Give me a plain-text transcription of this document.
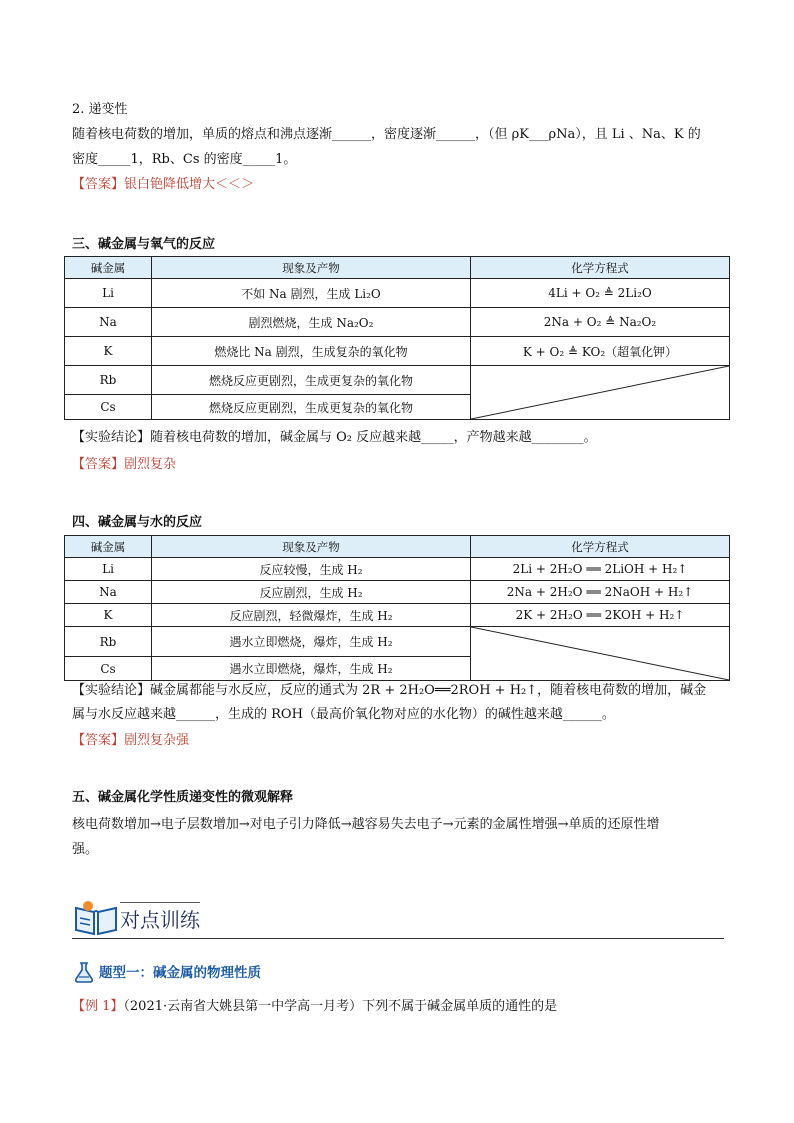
2. 递变性
随着核电荷数的增加，单质的熔点和沸点逐渐______，密度逐渐______，（但 ρK___ρNa），且 Li 、Na、K 的
密度_____1，Rb、Cs 的密度_____1。
【答案】银白铯降低增大＜＜＞
三、碱金属与氧气的反应
碱金属	现象及产物	化学方程式
Li	不如 Na 剧烈，生成 Li₂O	4Li + O₂ ≜ 2Li₂O
Na	剧烈燃烧，生成 Na₂O₂	2Na + O₂ ≜ Na₂O₂
K	燃烧比 Na 剧烈，生成复杂的氧化物	K + O₂ ≜ KO₂（超氧化钾）
Rb	燃烧反应更剧烈，生成更复杂的氧化物	

Cs	燃烧反应更剧烈，生成更复杂的氧化物	
【实验结论】随着核电荷数的增加，碱金属与 O₂ 反应越来越_____，产物越来越________。
【答案】剧烈复杂
四、碱金属与水的反应
碱金属	现象及产物	化学方程式
Li	反应较慢，生成 H₂	2Li + 2H₂O ══ 2LiOH + H₂↑
Na	反应剧烈，生成 H₂	2Na + 2H₂O ══ 2NaOH + H₂↑
K	反应剧烈，轻微爆炸，生成 H₂	2K + 2H₂O ══ 2KOH + H₂↑
Rb	遇水立即燃烧，爆炸，生成 H₂	

Cs	遇水立即燃烧，爆炸，生成 H₂	
【实验结论】碱金属都能与水反应，反应的通式为 2R + 2H₂O══2ROH + H₂↑，随着核电荷数的增加，碱金
属与水反应越来越______，生成的 ROH（最高价氧化物对应的水化物）的碱性越来越______。
【答案】剧烈复杂强
五、碱金属化学性质递变性的微观解释
核电荷数增加→电子层数增加→对电子引力降低→越容易失去电子→元素的金属性增强→单质的还原性增
强。
对点训练
题型一：碱金属的物理性质
【例 1】（2021·云南省大姚县第一中学高一月考）下列不属于碱金属单质的通性的是
